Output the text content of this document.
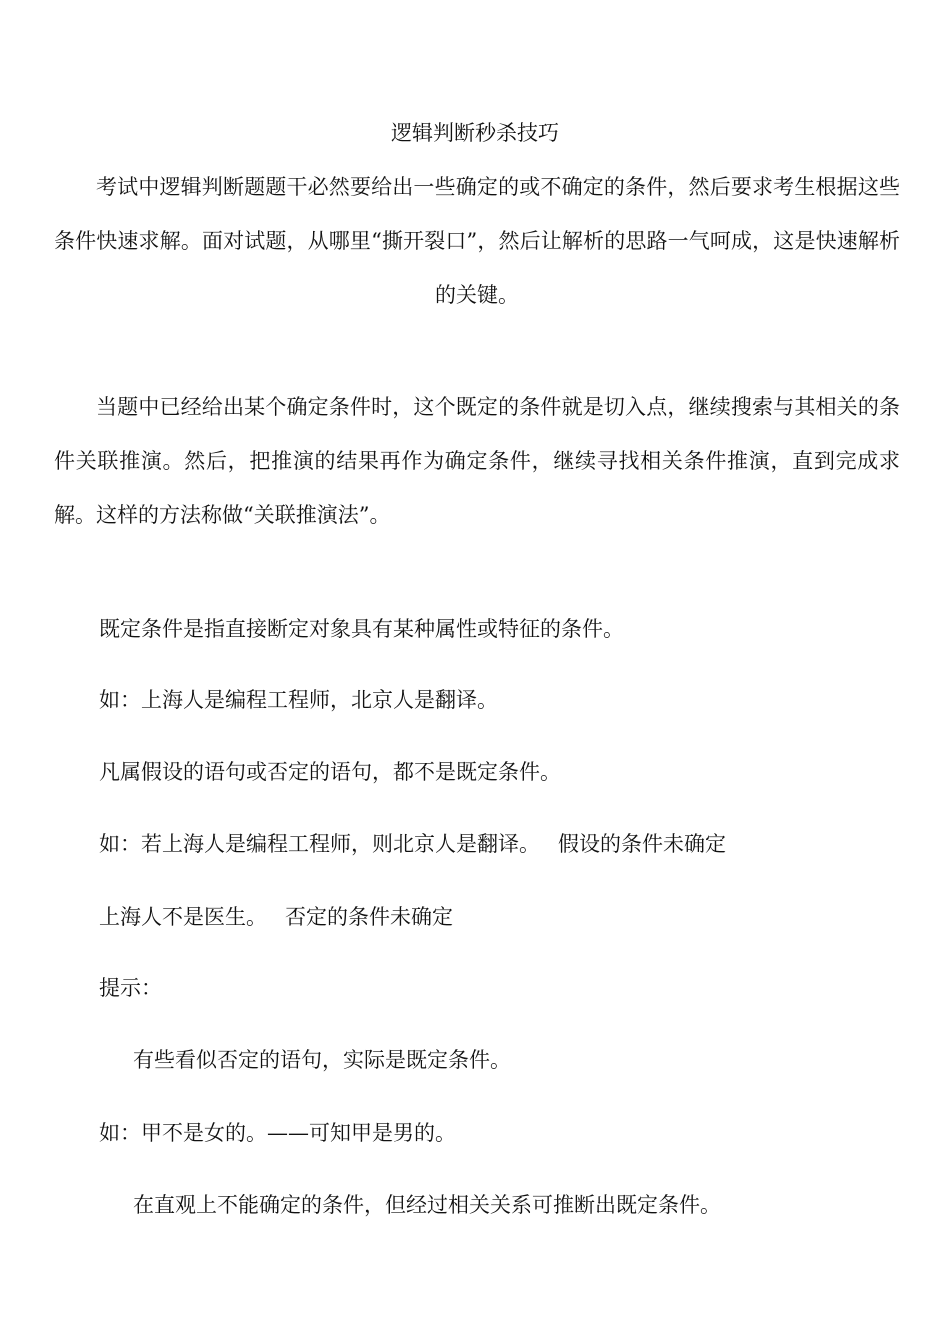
逻辑判断秒杀技巧

考试中逻辑判断题题干必然要给出一些确定的或不确定的条件，然后要求考生根据这些条件快速求解。面对试题，从哪里“撕开裂口”，然后让解析的思路一气呵成，这是快速解析的关键。

当题中已经给出某个确定条件时，这个既定的条件就是切入点，继续搜索与其相关的条件关联推演。然后，把推演的结果再作为确定条件，继续寻找相关条件推演，直到完成求解。这样的方法称做“关联推演法”。

既定条件是指直接断定对象具有某种属性或特征的条件。

如：上海人是编程工程师，北京人是翻译。

凡属假设的语句或否定的语句，都不是既定条件。

如：若上海人是编程工程师，则北京人是翻译。 假设的条件未确定

上海人不是医生。 否定的条件未确定

提示：

有些看似否定的语句，实际是既定条件。

如：甲不是女的。——可知甲是男的。

在直观上不能确定的条件，但经过相关关系可推断出既定条件。
